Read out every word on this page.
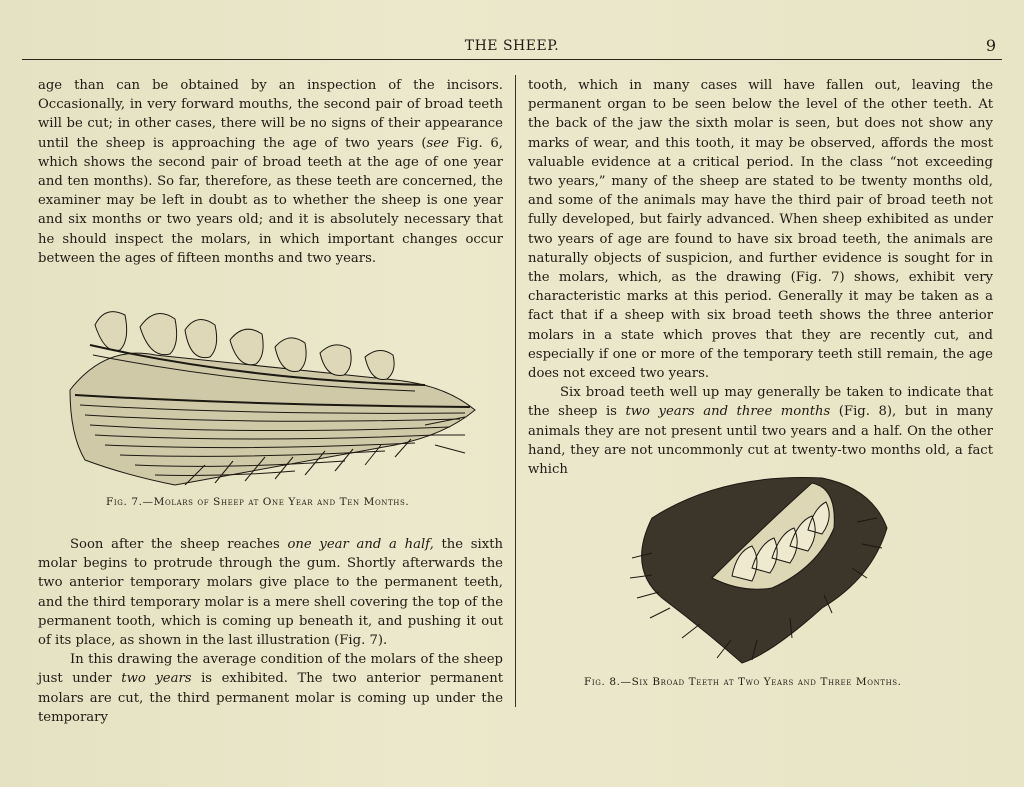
THE SHEEP.	9

age than can be obtained by an inspection of the incisors. Occasionally, in very forward mouths, the second pair of broad teeth will be cut; in other cases, there will be no signs of their appearance until the sheep is approaching the age of two years (see Fig. 6, which shows the second pair of broad teeth at the age of one year and ten months). So far, therefore, as these teeth are concerned, the examiner may be left in doubt as to whether the sheep is one year and six months or two years old; and it is absolutely necessary that he should inspect the molars, in which important changes occur between the ages of fifteen months and two years.

Fig. 7.—Molars of Sheep at One Year and Ten Months.

Soon after the sheep reaches one year and a half, the sixth molar begins to protrude through the gum. Shortly afterwards the two anterior temporary molars give place to the permanent teeth, and the third temporary molar is a mere shell covering the top of the permanent tooth, which is coming up beneath it, and pushing it out of its place, as shown in the last illustration (Fig. 7).

In this drawing the average condition of the molars of the sheep just under two years is exhibited. The two anterior permanent molars are cut, the third permanent molar is coming up under the temporary

tooth, which in many cases will have fallen out, leaving the permanent organ to be seen below the level of the other teeth. At the back of the jaw the sixth molar is seen, but does not show any marks of wear, and this tooth, it may be observed, affords the most valuable evidence at a critical period. In the class “not exceeding two years,” many of the sheep are stated to be twenty months old, and some of the animals may have the third pair of broad teeth not fully developed, but fairly advanced. When sheep exhibited as under two years of age are found to have six broad teeth, the animals are naturally objects of suspicion, and further evidence is sought for in the molars, which, as the drawing (Fig. 7) shows, exhibit very characteristic marks at this period. Generally it may be taken as a fact that if a sheep with six broad teeth shows the three anterior molars in a state which proves that they are recently cut, and especially if one or more of the temporary teeth still remain, the age does not exceed two years.

Six broad teeth well up may generally be taken to indicate that the sheep is two years and three months (Fig. 8), but in many animals they are not present until two years and a half. On the other hand, they are not uncommonly cut at twenty-two months old, a fact which

Fig. 8.—Six Broad Teeth at Two Years and Three Months.
